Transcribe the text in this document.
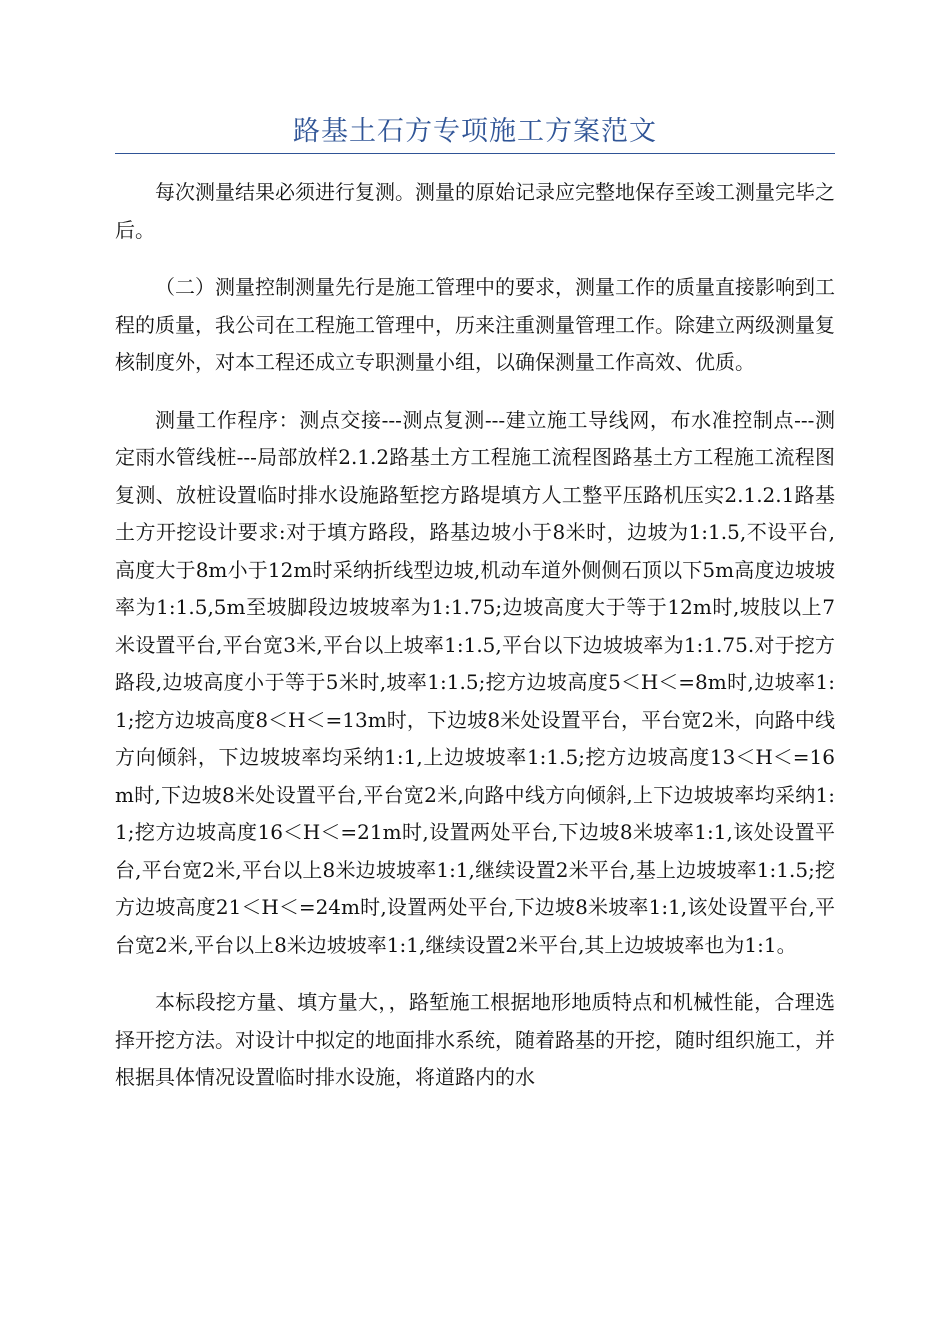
路基土石方专项施工方案范文

每次测量结果必须进行复测。测量的原始记录应完整地保存至竣工测量完毕之后。

（二）测量控制测量先行是施工管理中的要求，测量工作的质量直接影响到工程的质量，我公司在工程施工管理中，历来注重测量管理工作。除建立两级测量复核制度外，对本工程还成立专职测量小组，以确保测量工作高效、优质。

测量工作程序：测点交接---测点复测---建立施工导线网，布水准控制点---测定雨水管线桩---局部放样2.1.2路基土方工程施工流程图路基土方工程施工流程图复测、放桩设置临时排水设施路堑挖方路堤填方人工整平压路机压实2.1.2.1路基土方开挖设计要求:对于填方路段，路基边坡小于8米时，边坡为1:1.5,不设平台,高度大于8m小于12m时采纳折线型边坡,机动车道外侧侧石顶以下5m高度边坡坡率为1:1.5,5m至坡脚段边坡坡率为1:1.75;边坡高度大于等于12m时,坡肢以上7米设置平台,平台宽3米,平台以上坡率1:1.5,平台以下边坡坡率为1:1.75.对于挖方路段,边坡高度小于等于5米时,坡率1:1.5;挖方边坡高度5＜H＜=8m时,边坡率1:1;挖方边坡高度8＜H＜=13m时，下边坡8米处设置平台，平台宽2米，向路中线方向倾斜，下边坡坡率均采纳1:1,上边坡坡率1:1.5;挖方边坡高度13＜H＜=16m时,下边坡8米处设置平台,平台宽2米,向路中线方向倾斜,上下边坡坡率均采纳1:1;挖方边坡高度16＜H＜=21m时,设置两处平台,下边坡8米坡率1:1,该处设置平台,平台宽2米,平台以上8米边坡坡率1:1,继续设置2米平台,基上边坡坡率1:1.5;挖方边坡高度21＜H＜=24m时,设置两处平台,下边坡8米坡率1:1,该处设置平台,平台宽2米,平台以上8米边坡坡率1:1,继续设置2米平台,其上边坡坡率也为1:1。

本标段挖方量、填方量大，，路堑施工根据地形地质特点和机械性能，合理选择开挖方法。对设计中拟定的地面排水系统，随着路基的开挖，随时组织施工，并根据具体情况设置临时排水设施，将道路内的水
